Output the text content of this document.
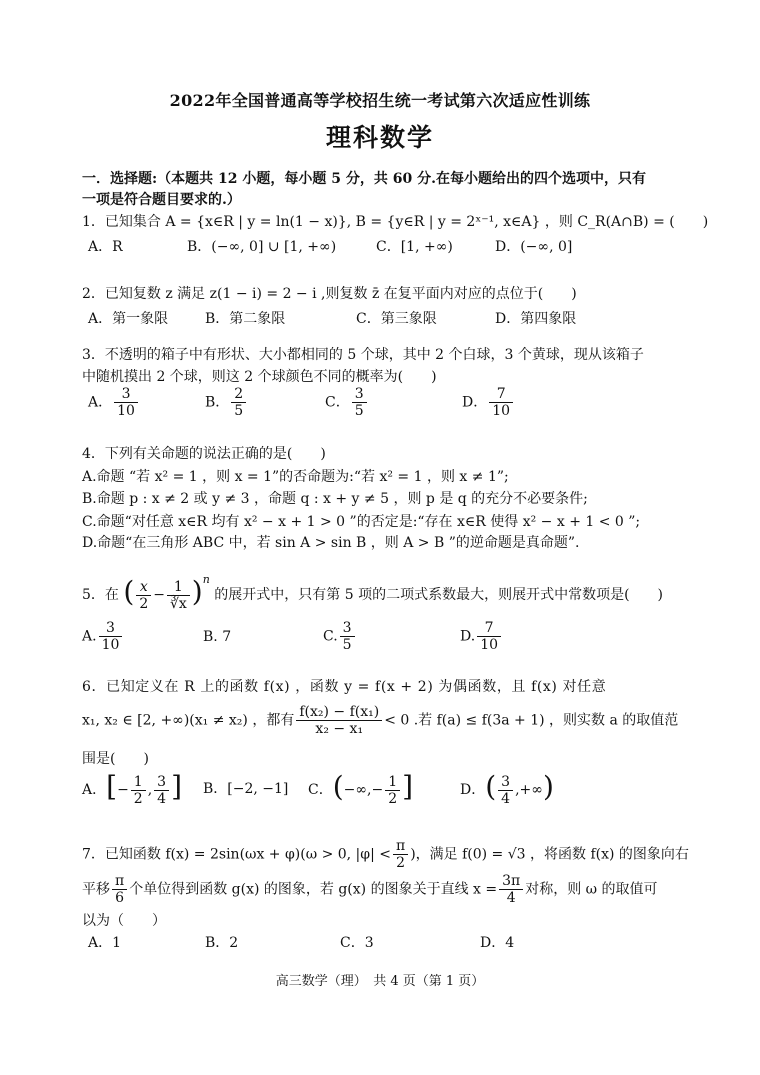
2022年全国普通高等学校招生统一考试第六次适应性训练
理科数学
一．选择题:（本题共 12 小题，每小题 5 分，共 60 分.在每小题给出的四个选项中，只有
一项是符合题目要求的.）
1．已知集合 A = {x∈R | y = ln(1 − x)}, B = {y∈R | y = 2ˣ⁻¹, x∈A} ，则 C_R(A∩B) = (　　)
A．R	B．(−∞, 0] ∪ [1, +∞)	C．[1, +∞)	D．(−∞, 0]
2．已知复数 z 满足 z(1 − i) = 2 − i ,则复数 z̄ 在复平面内对应的点位于(　　)
A．第一象限	B．第二象限	C．第三象限	D．第四象限
3．不透明的箱子中有形状、大小都相同的 5 个球，其中 2 个白球，3 个黄球，现从该箱子
中随机摸出 2 个球，则这 2 个球颜色不同的概率为(　　)
A． $\frac{3}{10}$	B． $\frac{2}{5}$	C． $\frac{3}{5}$	D． $\frac{7}{10}$
4．下列有关命题的说法正确的是(　　)
A.命题 “若 x² = 1 ，则 x = 1”的否命题为:“若 x² = 1 ，则 x ≠ 1”;
B.命题 p : x ≠ 2 或 y ≠ 3 ，命题 q : x + y ≠ 5 ，则 p 是 q 的充分不必要条件;
C.命题“对任意 x∈R 均有 x² − x + 1 > 0 ”的否定是:“存在 x∈R 使得 x² − x + 1 < 0 ”;
D.命题“在三角形 ABC 中，若 sin A > sin B ，则 A > B ”的逆命题是真命题”.
5．在 ( $\frac{x}{2} - \frac{1}{∛x} )^n$ 的展开式中，只有第 5 项的二项式系数最大，则展开式中常数项是(　　)
A. $\frac{3}{10}$	B. 7	C. $\frac{3}{5}$	D. $\frac{7}{10}$
6．已知定义在 R 上的函数 f(x) ，函数 y = f(x + 2) 为偶函数，且 f(x) 对任意
x₁, x₂ ∈ [2, +∞)(x₁ ≠ x₂) ，都有 $\frac{\text{f(x₂) − f(x₁)}}{\text{x₂ − x₁}} < 0$ .若 f(a) ≤ f(3a + 1) ，则实数 a 的取值范
围是(　　)
A．[− $\frac{1}{2}$ , $\frac{3}{4}$ ] B．[−2, −1] C．(−∞,− $\frac{1}{2}$ ]	D．( $\frac{3}{4}$ ,+∞)
7．已知函数 f(x) = 2sin(ωx + φ)(ω > 0, $|\varphi| < \frac{\pi}{2}$ )，满足 f(0) = √3 ，将函数 f(x) 的图象向右
平移 $\frac{\pi}{6}$ 个单位得到函数 g(x) 的图象，若 g(x) 的图象关于直线 $x = \frac{3\pi}{4}$ 对称，则 ω 的取值可
以为（　　）
A．1	B．2	C．3	D．4
高三数学（理）　共 4 页（第 1 页）
